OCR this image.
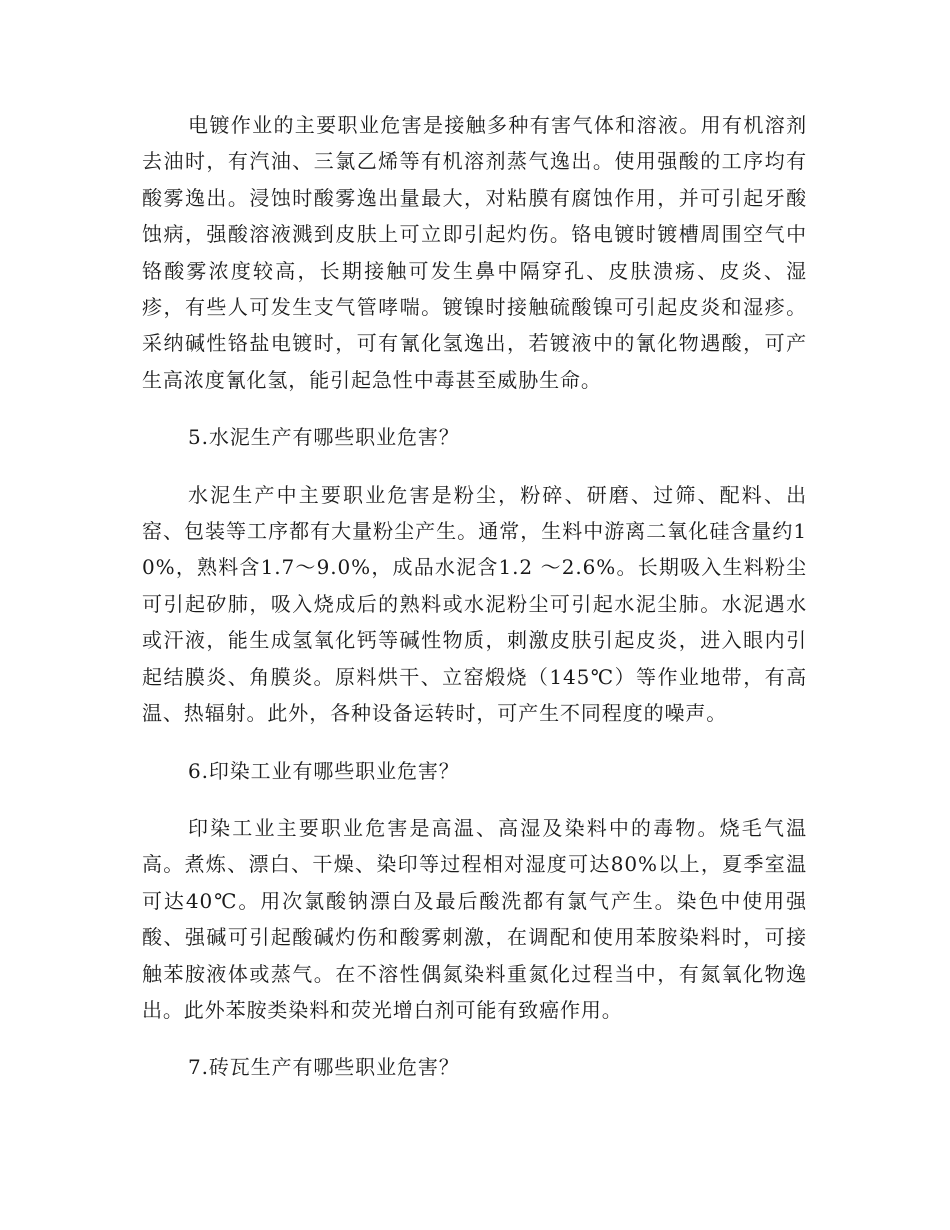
电镀作业的主要职业危害是接触多种有害气体和溶液。用有机溶剂去油时，有汽油、三氯乙烯等有机溶剂蒸气逸出。使用强酸的工序均有酸雾逸出。浸蚀时酸雾逸出量最大，对粘膜有腐蚀作用，并可引起牙酸蚀病，强酸溶液溅到皮肤上可立即引起灼伤。铬电镀时镀槽周围空气中铬酸雾浓度较高，长期接触可发生鼻中隔穿孔、皮肤溃疡、皮炎、湿疹，有些人可发生支气管哮喘。镀镍时接触硫酸镍可引起皮炎和湿疹。采纳碱性铬盐电镀时，可有氰化氢逸出，若镀液中的氰化物遇酸，可产生高浓度氰化氢，能引起急性中毒甚至威胁生命。

5.水泥生产有哪些职业危害？

水泥生产中主要职业危害是粉尘，粉碎、研磨、过筛、配料、出窑、包装等工序都有大量粉尘产生。通常，生料中游离二氧化硅含量约10%，熟料含1.7～9.0%，成品水泥含1.2 ～2.6%。长期吸入生料粉尘可引起矽肺，吸入烧成后的熟料或水泥粉尘可引起水泥尘肺。水泥遇水或汗液，能生成氢氧化钙等碱性物质，刺激皮肤引起皮炎，进入眼内引起结膜炎、角膜炎。原料烘干、立窑煅烧（145℃）等作业地带，有高温、热辐射。此外，各种设备运转时，可产生不同程度的噪声。

6.印染工业有哪些职业危害？

印染工业主要职业危害是高温、高湿及染料中的毒物。烧毛气温高。煮炼、漂白、干燥、染印等过程相对湿度可达80%以上，夏季室温可达40℃。用次氯酸钠漂白及最后酸洗都有氯气产生。染色中使用强酸、强碱可引起酸碱灼伤和酸雾刺激，在调配和使用苯胺染料时，可接触苯胺液体或蒸气。在不溶性偶氮染料重氮化过程当中，有氮氧化物逸出。此外苯胺类染料和荧光增白剂可能有致癌作用。

7.砖瓦生产有哪些职业危害？
